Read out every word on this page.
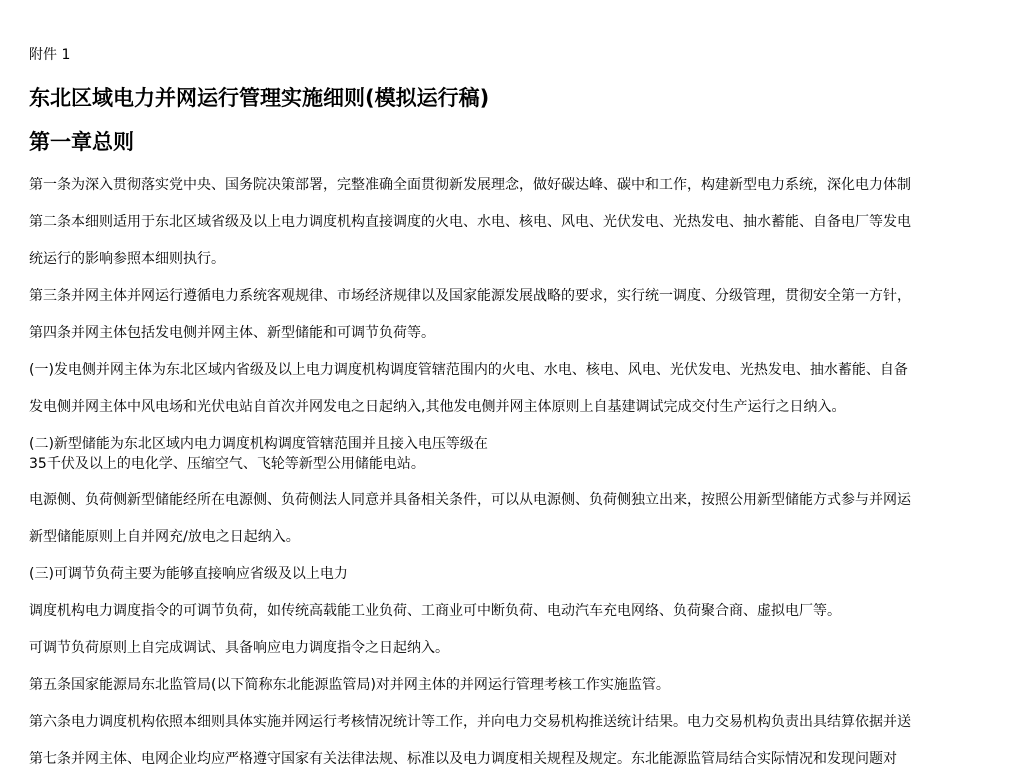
附件 1
东北区域电力并网运行管理实施细则(模拟运行稿)
第一章总则
第一条为深入贯彻落实党中央、国务院决策部署，完整准确全面贯彻新发展理念，做好碳达峰、碳中和工作，构建新型电力系统，深化电力体制
第二条本细则适用于东北区域省级及以上电力调度机构直接调度的火电、水电、核电、风电、光伏发电、光热发电、抽水蓄能、自备电厂等发电
统运行的影响参照本细则执行。
第三条并网主体并网运行遵循电力系统客观规律、市场经济规律以及国家能源发展战略的要求，实行统一调度、分级管理，贯彻安全第一方针，
第四条并网主体包括发电侧并网主体、新型储能和可调节负荷等。
(一)发电侧并网主体为东北区域内省级及以上电力调度机构调度管辖范围内的火电、水电、核电、风电、光伏发电、光热发电、抽水蓄能、自备
发电侧并网主体中风电场和光伏电站自首次并网发电之日起纳入,其他发电侧并网主体原则上自基建调试完成交付生产运行之日纳入。
(二)新型储能为东北区域内电力调度机构调度管辖范围并且接入电压等级在
35千伏及以上的电化学、压缩空气、飞轮等新型公用储能电站。
电源侧、负荷侧新型储能经所在电源侧、负荷侧法人同意并具备相关条件，可以从电源侧、负荷侧独立出来，按照公用新型储能方式参与并网运
新型储能原则上自并网充/放电之日起纳入。
(三)可调节负荷主要为能够直接响应省级及以上电力
调度机构电力调度指令的可调节负荷，如传统高载能工业负荷、工商业可中断负荷、电动汽车充电网络、负荷聚合商、虚拟电厂等。
可调节负荷原则上自完成调试、具备响应电力调度指令之日起纳入。
第五条国家能源局东北监管局(以下简称东北能源监管局)对并网主体的并网运行管理考核工作实施监管。
第六条电力调度机构依照本细则具体实施并网运行考核情况统计等工作，并向电力交易机构推送统计结果。电力交易机构负责出具结算依据并送
第七条并网主体、电网企业均应严格遵守国家有关法律法规、标准以及电力调度相关规程及规定。东北能源监管局结合实际情况和发现问题对
